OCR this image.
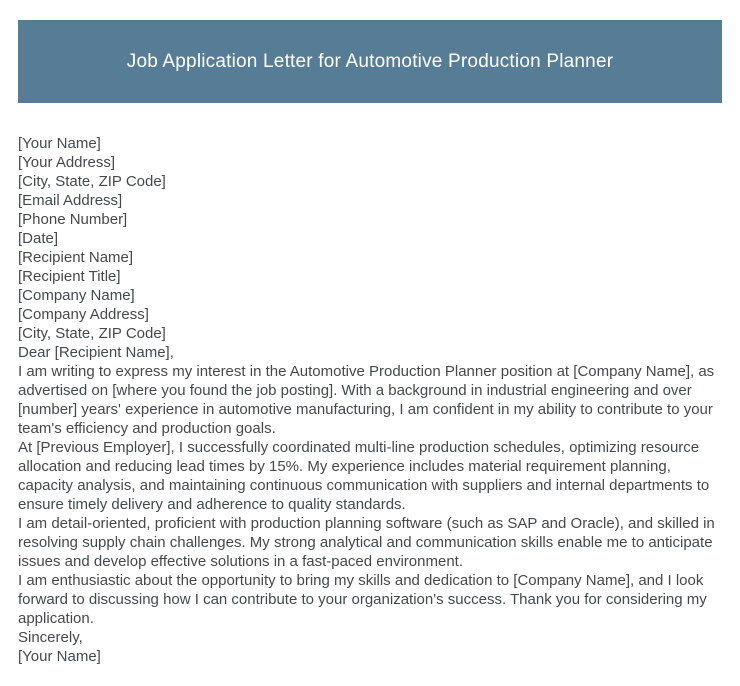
Job Application Letter for Automotive Production Planner

[Your Name]

[Your Address]

[City, State, ZIP Code]

[Email Address]

[Phone Number]

[Date]

[Recipient Name]

[Recipient Title]

[Company Name]

[Company Address]

[City, State, ZIP Code]

Dear [Recipient Name],

I am writing to express my interest in the Automotive Production Planner position at [Company Name], as advertised on [where you found the job posting]. With a background in industrial engineering and over [number] years' experience in automotive manufacturing, I am confident in my ability to contribute to your team's efficiency and production goals.

At [Previous Employer], I successfully coordinated multi-line production schedules, optimizing resource allocation and reducing lead times by 15%. My experience includes material requirement planning, capacity analysis, and maintaining continuous communication with suppliers and internal departments to ensure timely delivery and adherence to quality standards.

I am detail-oriented, proficient with production planning software (such as SAP and Oracle), and skilled in resolving supply chain challenges. My strong analytical and communication skills enable me to anticipate issues and develop effective solutions in a fast-paced environment.

I am enthusiastic about the opportunity to bring my skills and dedication to [Company Name], and I look forward to discussing how I can contribute to your organization's success. Thank you for considering my application.

Sincerely,

[Your Name]
